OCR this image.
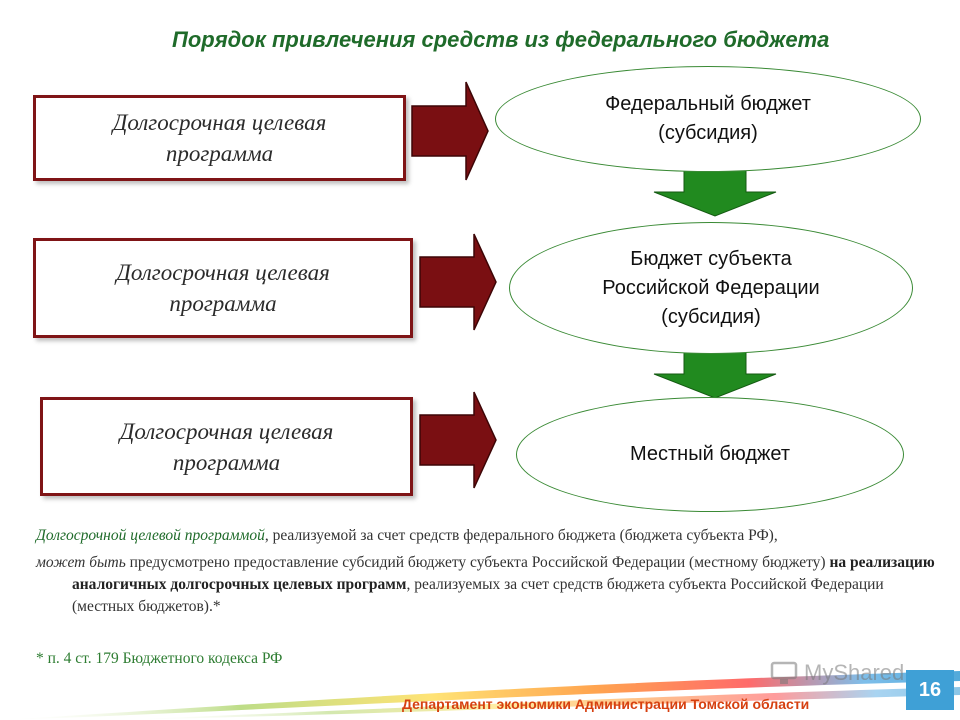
Порядок привлечения средств из федерального бюджета
Долгосрочная целевая
программа
Долгосрочная целевая
программа
Долгосрочная целевая
программа
Федеральный бюджет
(субсидия)
Бюджет субъекта
Российской Федерации
(субсидия)
Местный бюджет

Долгосрочной целевой программой, реализуемой за счет средств федерального бюджета (бюджета субъекта РФ),

может быть предусмотрено предоставление субсидий бюджету субъекта Российской Федерации (местному бюджету) на реализацию аналогичных долгосрочных целевых программ, реализуемых за счет средств бюджета субъекта Российской Федерации (местных бюджетов).*

* п. 4 ст. 179 Бюджетного кодекса РФ
MyShared
Департамент экономики Администрации Томской области
16
